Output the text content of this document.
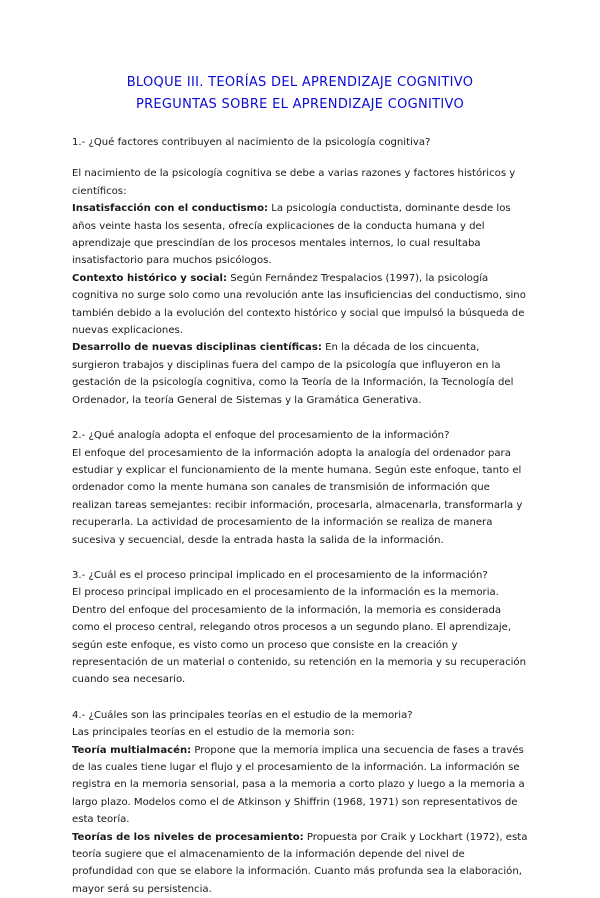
BLOQUE III. TEORÍAS DEL APRENDIZAJE COGNITIVO

PREGUNTAS SOBRE EL APRENDIZAJE COGNITIVO

1.- ¿Qué factores contribuyen al nacimiento de la psicología cognitiva?

El nacimiento de la psicología cognitiva se debe a varias razones y factores históricos y científicos:

Insatisfacción con el conductismo: La psicología conductista, dominante desde los años veinte hasta los sesenta, ofrecía explicaciones de la conducta humana y del aprendizaje que prescindían de los procesos mentales internos, lo cual resultaba insatisfactorio para muchos psicólogos.

Contexto histórico y social: Según Fernández Trespalacios (1997), la psicología cognitiva no surge solo como una revolución ante las insuficiencias del conductismo, sino también debido a la evolución del contexto histórico y social que impulsó la búsqueda de nuevas explicaciones.

Desarrollo de nuevas disciplinas científicas: En la década de los cincuenta, surgieron trabajos y disciplinas fuera del campo de la psicología que influyeron en la gestación de la psicología cognitiva, como la Teoría de la Información, la Tecnología del Ordenador, la teoría General de Sistemas y la Gramática Generativa.

2.- ¿Qué analogía adopta el enfoque del procesamiento de la información?

El enfoque del procesamiento de la información adopta la analogía del ordenador para estudiar y explicar el funcionamiento de la mente humana. Según este enfoque, tanto el ordenador como la mente humana son canales de transmisión de información que realizan tareas semejantes: recibir información, procesarla, almacenarla, transformarla y recuperarla. La actividad de procesamiento de la información se realiza de manera sucesiva y secuencial, desde la entrada hasta la salida de la información.

3.- ¿Cuál es el proceso principal implicado en el procesamiento de la información?

El proceso principal implicado en el procesamiento de la información es la memoria. Dentro del enfoque del procesamiento de la información, la memoria es considerada como el proceso central, relegando otros procesos a un segundo plano. El aprendizaje, según este enfoque, es visto como un proceso que consiste en la creación y representación de un material o contenido, su retención en la memoria y su recuperación cuando sea necesario.

4.- ¿Cuáles son las principales teorías en el estudio de la memoria?

Las principales teorías en el estudio de la memoria son:

Teoría multialmacén: Propone que la memoria implica una secuencia de fases a través de las cuales tiene lugar el flujo y el procesamiento de la información. La información se registra en la memoria sensorial, pasa a la memoria a corto plazo y luego a la memoria a largo plazo. Modelos como el de Atkinson y Shiffrin (1968, 1971) son representativos de esta teoría.

Teorías de los niveles de procesamiento: Propuesta por Craik y Lockhart (1972), esta teoría sugiere que el almacenamiento de la información depende del nivel de profundidad con que se elabore la información. Cuanto más profunda sea la elaboración, mayor será su persistencia.
